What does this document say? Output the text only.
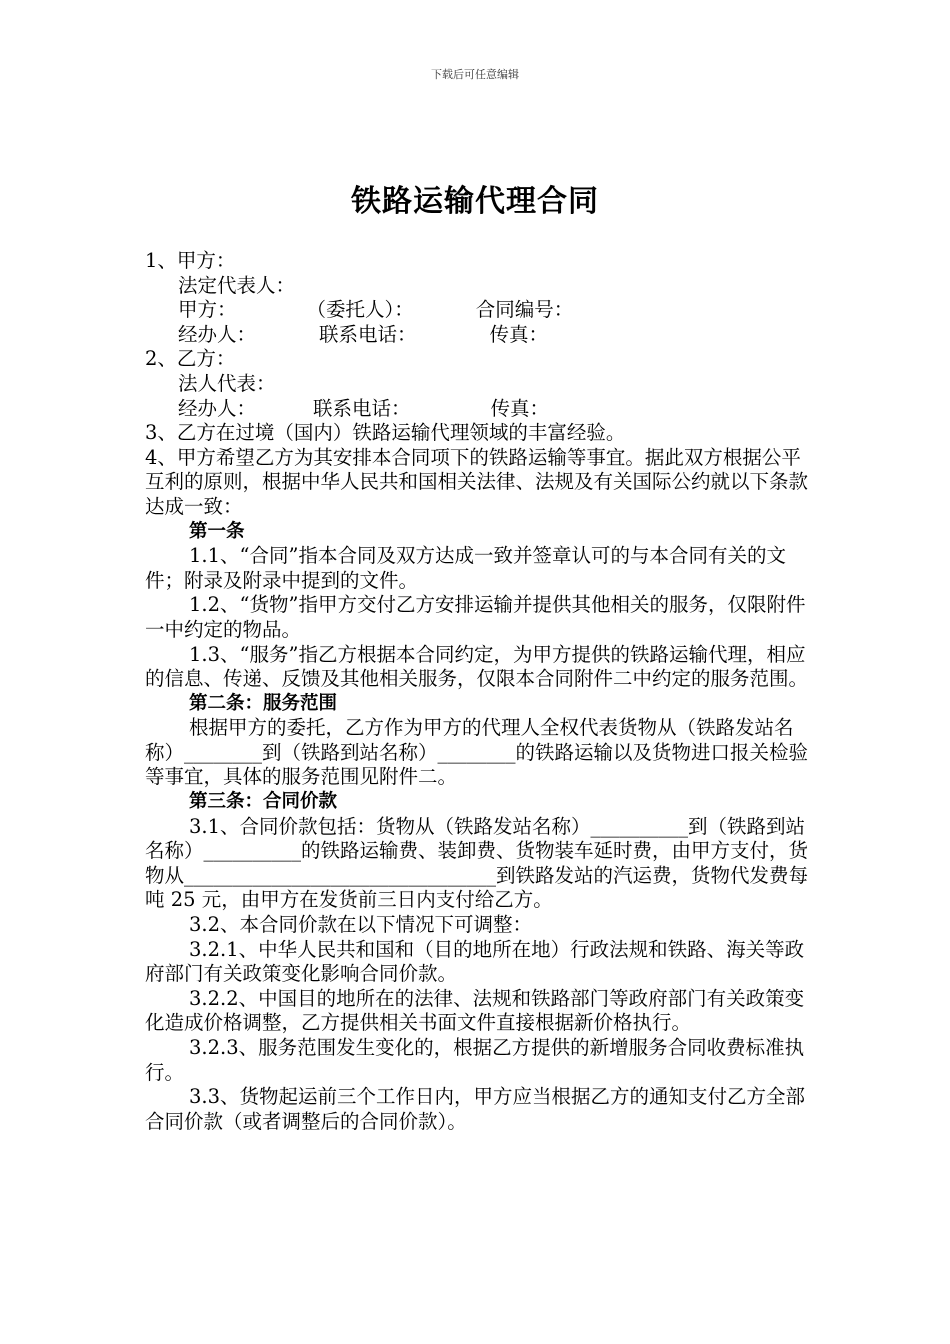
下载后可任意编辑
铁路运输代理合同
1、甲方：
法定代表人：
甲方：	（委托人）：	合同编号：
经办人：	联系电话：	传真：
2、乙方：
法人代表：
经办人：	联系电话：	传真：
3、乙方在过境（国内）铁路运输代理领域的丰富经验。
4、甲方希望乙方为其安排本合同项下的铁路运输等事宜。据此双方根据公平互利的原则，根据中华人民共和国相关法律、法规及有关国际公约就以下条款达成一致：
第一条
1.1、“合同”指本合同及双方达成一致并签章认可的与本合同有关的文件；附录及附录中提到的文件。
1.2、“货物”指甲方交付乙方安排运输并提供其他相关的服务，仅限附件一中约定的物品。
1.3、“服务”指乙方根据本合同约定，为甲方提供的铁路运输代理，相应的信息、传递、反馈及其他相关服务，仅限本合同附件二中约定的服务范围。
第二条：服务范围
根据甲方的委托，乙方作为甲方的代理人全权代表货物从（铁路发站名称）________到（铁路到站名称）________的铁路运输以及货物进口报关检验等事宜，具体的服务范围见附件二。
第三条：合同价款
3.1、合同价款包括：货物从（铁路发站名称）__________到（铁路到站名称）__________的铁路运输费、装卸费、货物装车延时费，由甲方支付，货物从________________________________到铁路发站的汽运费，货物代发费每吨 25 元，由甲方在发货前三日内支付给乙方。
3.2、本合同价款在以下情况下可调整：
3.2.1、中华人民共和国和（目的地所在地）行政法规和铁路、海关等政府部门有关政策变化影响合同价款。
3.2.2、中国目的地所在的法律、法规和铁路部门等政府部门有关政策变化造成价格调整，乙方提供相关书面文件直接根据新价格执行。
3.2.3、服务范围发生变化的，根据乙方提供的新增服务合同收费标准执行。
3.3、货物起运前三个工作日内，甲方应当根据乙方的通知支付乙方全部合同价款（或者调整后的合同价款）。
